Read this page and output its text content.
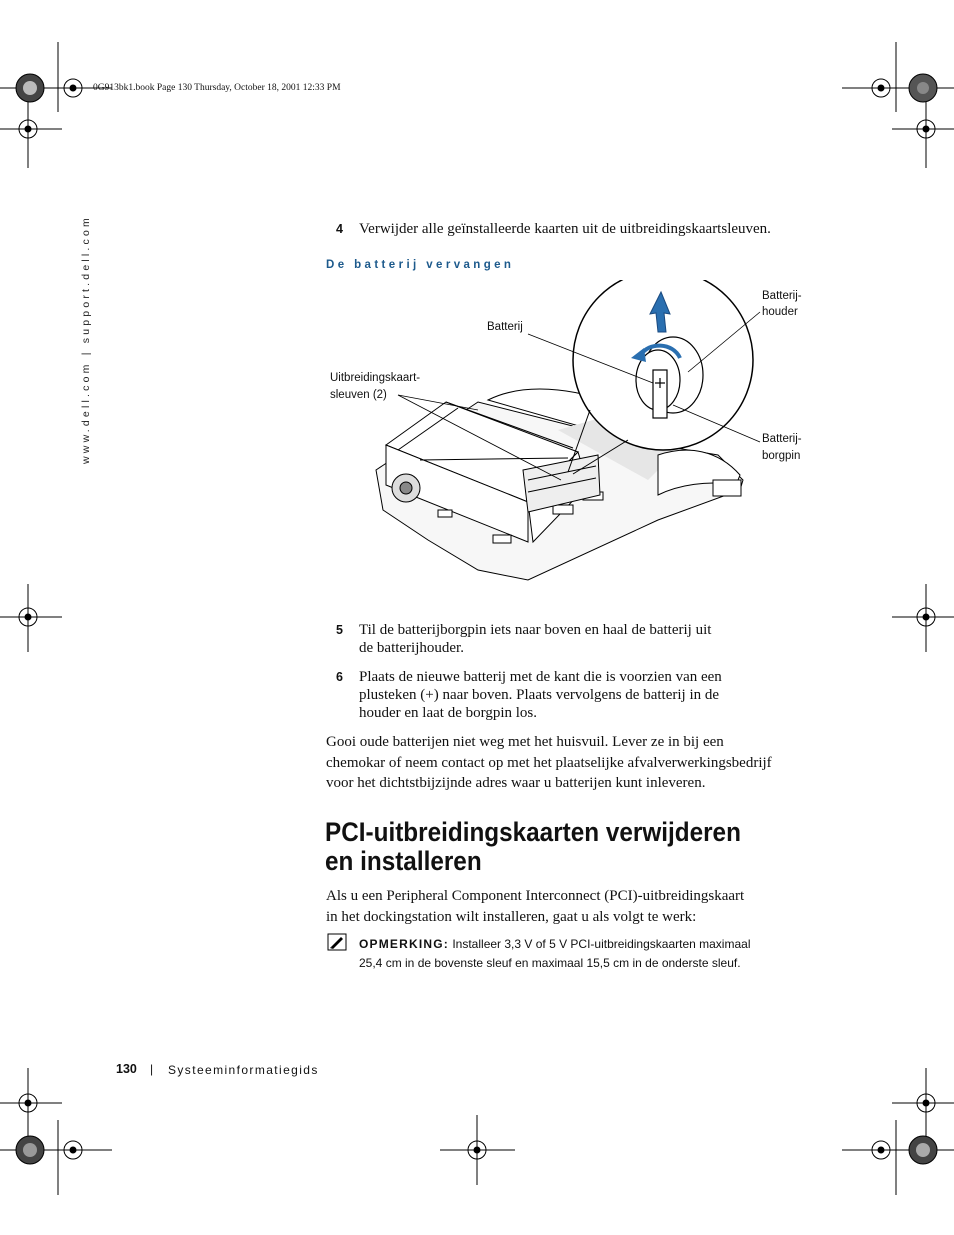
0G913bk1.book Page 130 Thursday, October 18, 2001 12:33 PM
www.dell.com | support.dell.com	4 Verwijder alle geïnstalleerde kaarten uit de uitbreidingskaartsleuven.
De batterij vervangen
Batterij-
houder
Batterij
Uitbreidingskaart-
sleuven (2)
Batterij-
borgpin
5 Til de batterijborgpin iets naar boven en haal de batterij uit
de batterijhouder.
6 Plaats de nieuwe batterij met de kant die is voorzien van een
plusteken (+) naar boven. Plaats vervolgens de batterij in de
houder en laat de borgpin los.
Gooi oude batterijen niet weg met het huisvuil. Lever ze in bij een
chemokar of neem contact op met het plaatselijke afvalverwerkingsbedrijf
voor het dichtstbijzijnde adres waar u batterijen kunt inleveren.
PCI-uitbreidingskaarten verwijderen
en installeren
Als u een Peripheral Component Interconnect (PCI)-uitbreidingskaart
in het dockingstation wilt installeren, gaat u als volgt te werk:
OPMERKING: Installeer 3,3 V of 5 V PCI-uitbreidingskaarten maximaal
25,4 cm in de bovenste sleuf en maximaal 15,5 cm in de onderste sleuf.
130 | Systeeminformatiegids
